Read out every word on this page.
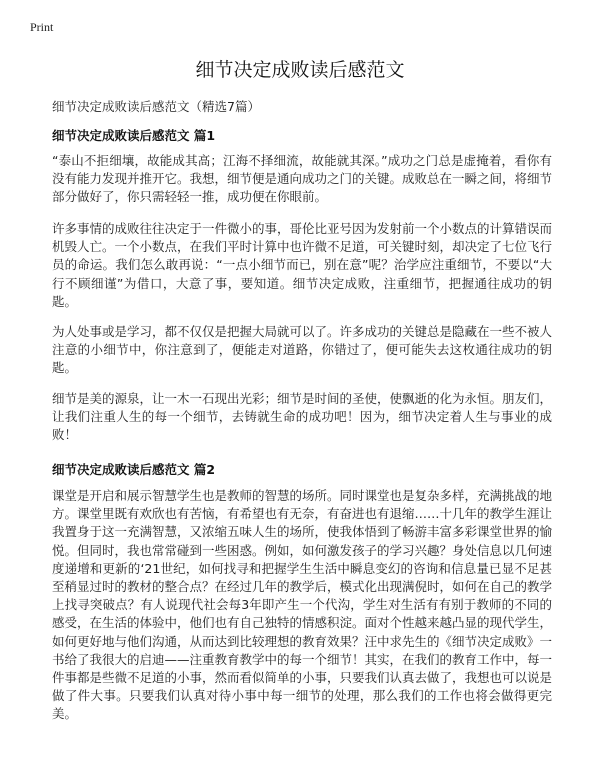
Print
细节决定成败读后感范文
细节决定成败读后感范文（精选7篇）
细节决定成败读后感范文 篇1

“泰山不拒细壤，故能成其高；江海不择细流，故能就其深。”成功之门总是虚掩着，看你有没有能力发现并推开它。我想，细节便是通向成功之门的关键。成败总在一瞬之间，将细节部分做好了，你只需轻轻一推，成功便在你眼前。

许多事情的成败往往决定于一件微小的事，哥伦比亚号因为发射前一个小数点的计算错误而机毁人亡。一个小数点，在我们平时计算中也许微不足道，可关键时刻，却决定了七位飞行员的命运。我们怎么敢再说：“一点小细节而已，别在意”呢？治学应注重细节，不要以“大行不顾细谨”为借口，大意了事，要知道。细节决定成败，注重细节，把握通往成功的钥匙。

为人处事或是学习，都不仅仅是把握大局就可以了。许多成功的关键总是隐藏在一些不被人注意的小细节中，你注意到了，便能走对道路，你错过了，便可能失去这枚通往成功的钥匙。

细节是美的源泉，让一木一石现出光彩；细节是时间的圣使，使飘逝的化为永恒。朋友们，让我们注重人生的每一个细节，去铸就生命的成功吧！因为，细节决定着人生与事业的成败！

细节决定成败读后感范文 篇2

课堂是开启和展示智慧学生也是教师的智慧的场所。同时课堂也是复杂多样，充满挑战的地方。课堂里既有欢欣也有苦恼，有希望也有无奈，有奋进也有退缩……十几年的教学生涯让我置身于这一充满智慧，又浓缩五味人生的场所，使我体悟到了畅游丰富多彩课堂世界的愉悦。但同时，我也常常碰到一些困惑。例如，如何激发孩子的学习兴趣？身处信息以几何速度递增和更新的‘21世纪，如何找寻和把握学生生活中瞬息变幻的咨询和信息量已显不足甚至稍显过时的教材的整合点？在经过几年的教学后，模式化出现满倪时，如何在自己的教学上找寻突破点？有人说现代社会每3年即产生一个代沟，学生对生活有有别于教师的不同的感受，在生活的体验中，他们也有自己独特的情感积淀。面对个性越来越凸显的现代学生，如何更好地与他们沟通，从而达到比较理想的教育效果？汪中求先生的《细节决定成败》一书给了我很大的启迪——注重教育教学中的每一个细节！其实，在我们的教育工作中，每一件事都是些微不足道的小事，然而看似简单的小事，只要我们认真去做了，我想也可以说是做了件大事。只要我们认真对待小事中每一细节的处理，那么我们的工作也将会做得更完美。
